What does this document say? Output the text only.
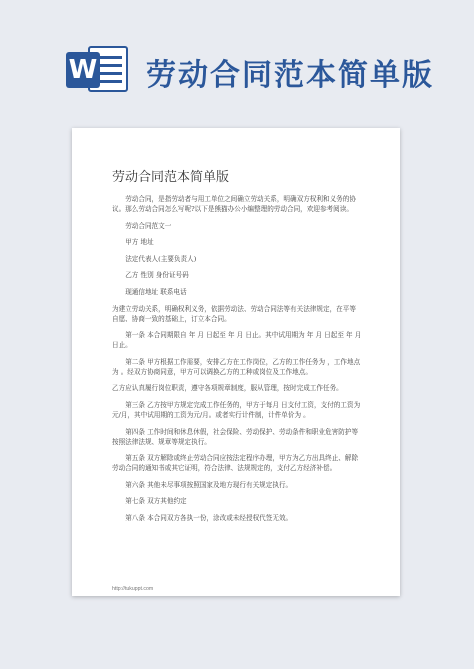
W 劳动合同范本简单版
劳动合同范本简单版

劳动合同，是指劳动者与用工单位之间确立劳动关系，明确双方权利和义务的协议。那么劳动合同怎么写呢?以下是熊猫办公小编整理的劳动合同，欢迎参考阅读。

劳动合同范文一

甲方 地址

法定代表人(主要负责人)

乙方 性别 身份证号码

现通信地址 联系电话

为建立劳动关系，明确权利义务，依据劳动法、劳动合同法等有关法律规定，在平等自愿、协商一致的基础上，订立本合同。

第一条 本合同期限自 年 月 日起至 年 月 日止。其中试用期为 年 月 日起至 年 月 日止。

第二条 甲方根据工作需要，安排乙方在工作岗位，乙方的工作任务为 ，工作地点为 。经双方协商同意，甲方可以调换乙方的工种或岗位及工作地点。

乙方应认真履行岗位职责，遵守各项规章制度，服从管理，按时完成工作任务。

第三条 乙方按甲方规定完成工作任务的，甲方于每月 日支付工资，支付的工资为 元/月，其中试用期的工资为元/月。或者实行计件制，计件单价为 。

第四条 工作时间和休息休假，社会保险、劳动保护、劳动条件和职业危害防护等按照法律法规、规章等规定执行。

第五条 双方解除或终止劳动合同应按法定程序办理，甲方为乙方出具终止、解除劳动合同的通知书或其它证明，符合法律、法规规定的，支付乙方经济补偿。

第六条 其他未尽事项按照国家及地方现行有关规定执行。

第七条 双方其他约定

第八条 本合同双方各执一份，涂改或未经授权代签无效。

http://tukuppt.com
